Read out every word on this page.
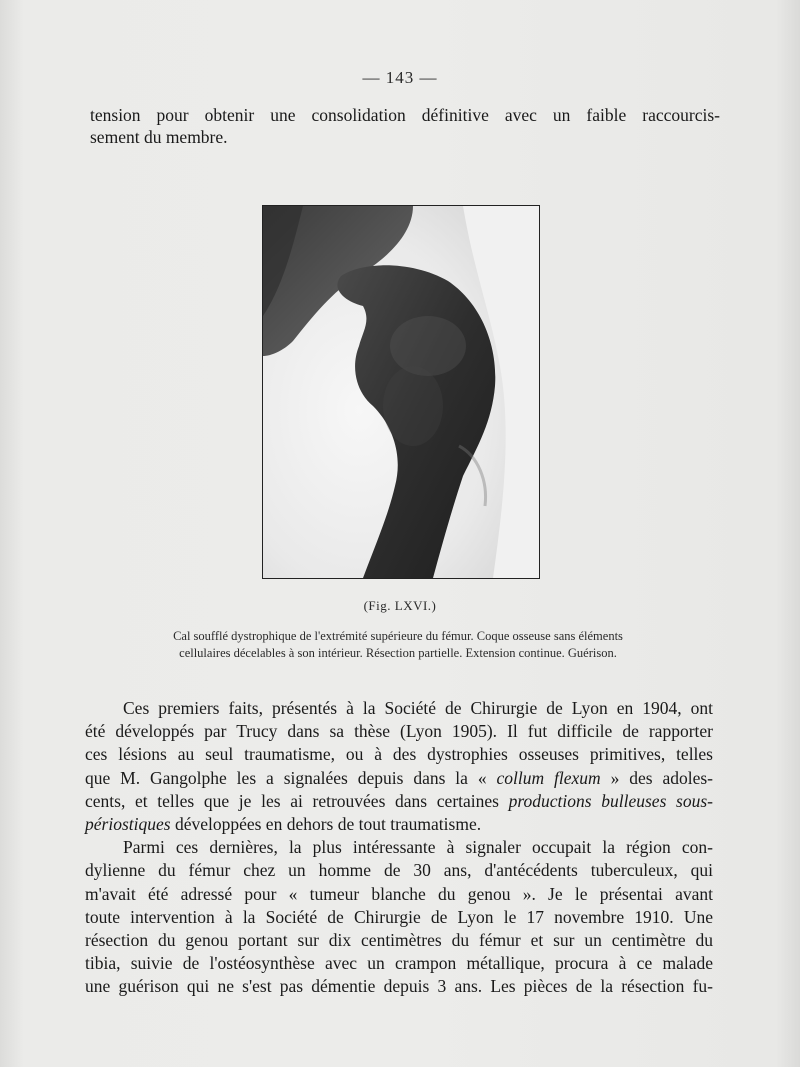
— 143 —
tension pour obtenir une consolidation définitive avec un faible raccourcis-
sement du membre.
(Fig. LXVI.)
Cal soufflé dystrophique de l'extrémité supérieure du fémur. Coque osseuse sans éléments
cellulaires décelables à son intérieur. Résection partielle. Extension continue. Guérison.
Ces premiers faits, présentés à la Société de Chirurgie de Lyon en 1904, ont
été développés par Trucy dans sa thèse (Lyon 1905). Il fut difficile de rapporter
ces lésions au seul traumatisme, ou à des dystrophies osseuses primitives, telles
que M. Gangolphe les a signalées depuis dans la « collum flexum » des adoles-
cents, et telles que je les ai retrouvées dans certaines productions bulleuses sous-
périostiques développées en dehors de tout traumatisme.
Parmi ces dernières, la plus intéressante à signaler occupait la région con-
dylienne du fémur chez un homme de 30 ans, d'antécédents tuberculeux, qui
m'avait été adressé pour « tumeur blanche du genou ». Je le présentai avant
toute intervention à la Société de Chirurgie de Lyon le 17 novembre 1910. Une
résection du genou portant sur dix centimètres du fémur et sur un centimètre du
tibia, suivie de l'ostéosynthèse avec un crampon métallique, procura à ce malade
une guérison qui ne s'est pas démentie depuis 3 ans. Les pièces de la résection fu-
